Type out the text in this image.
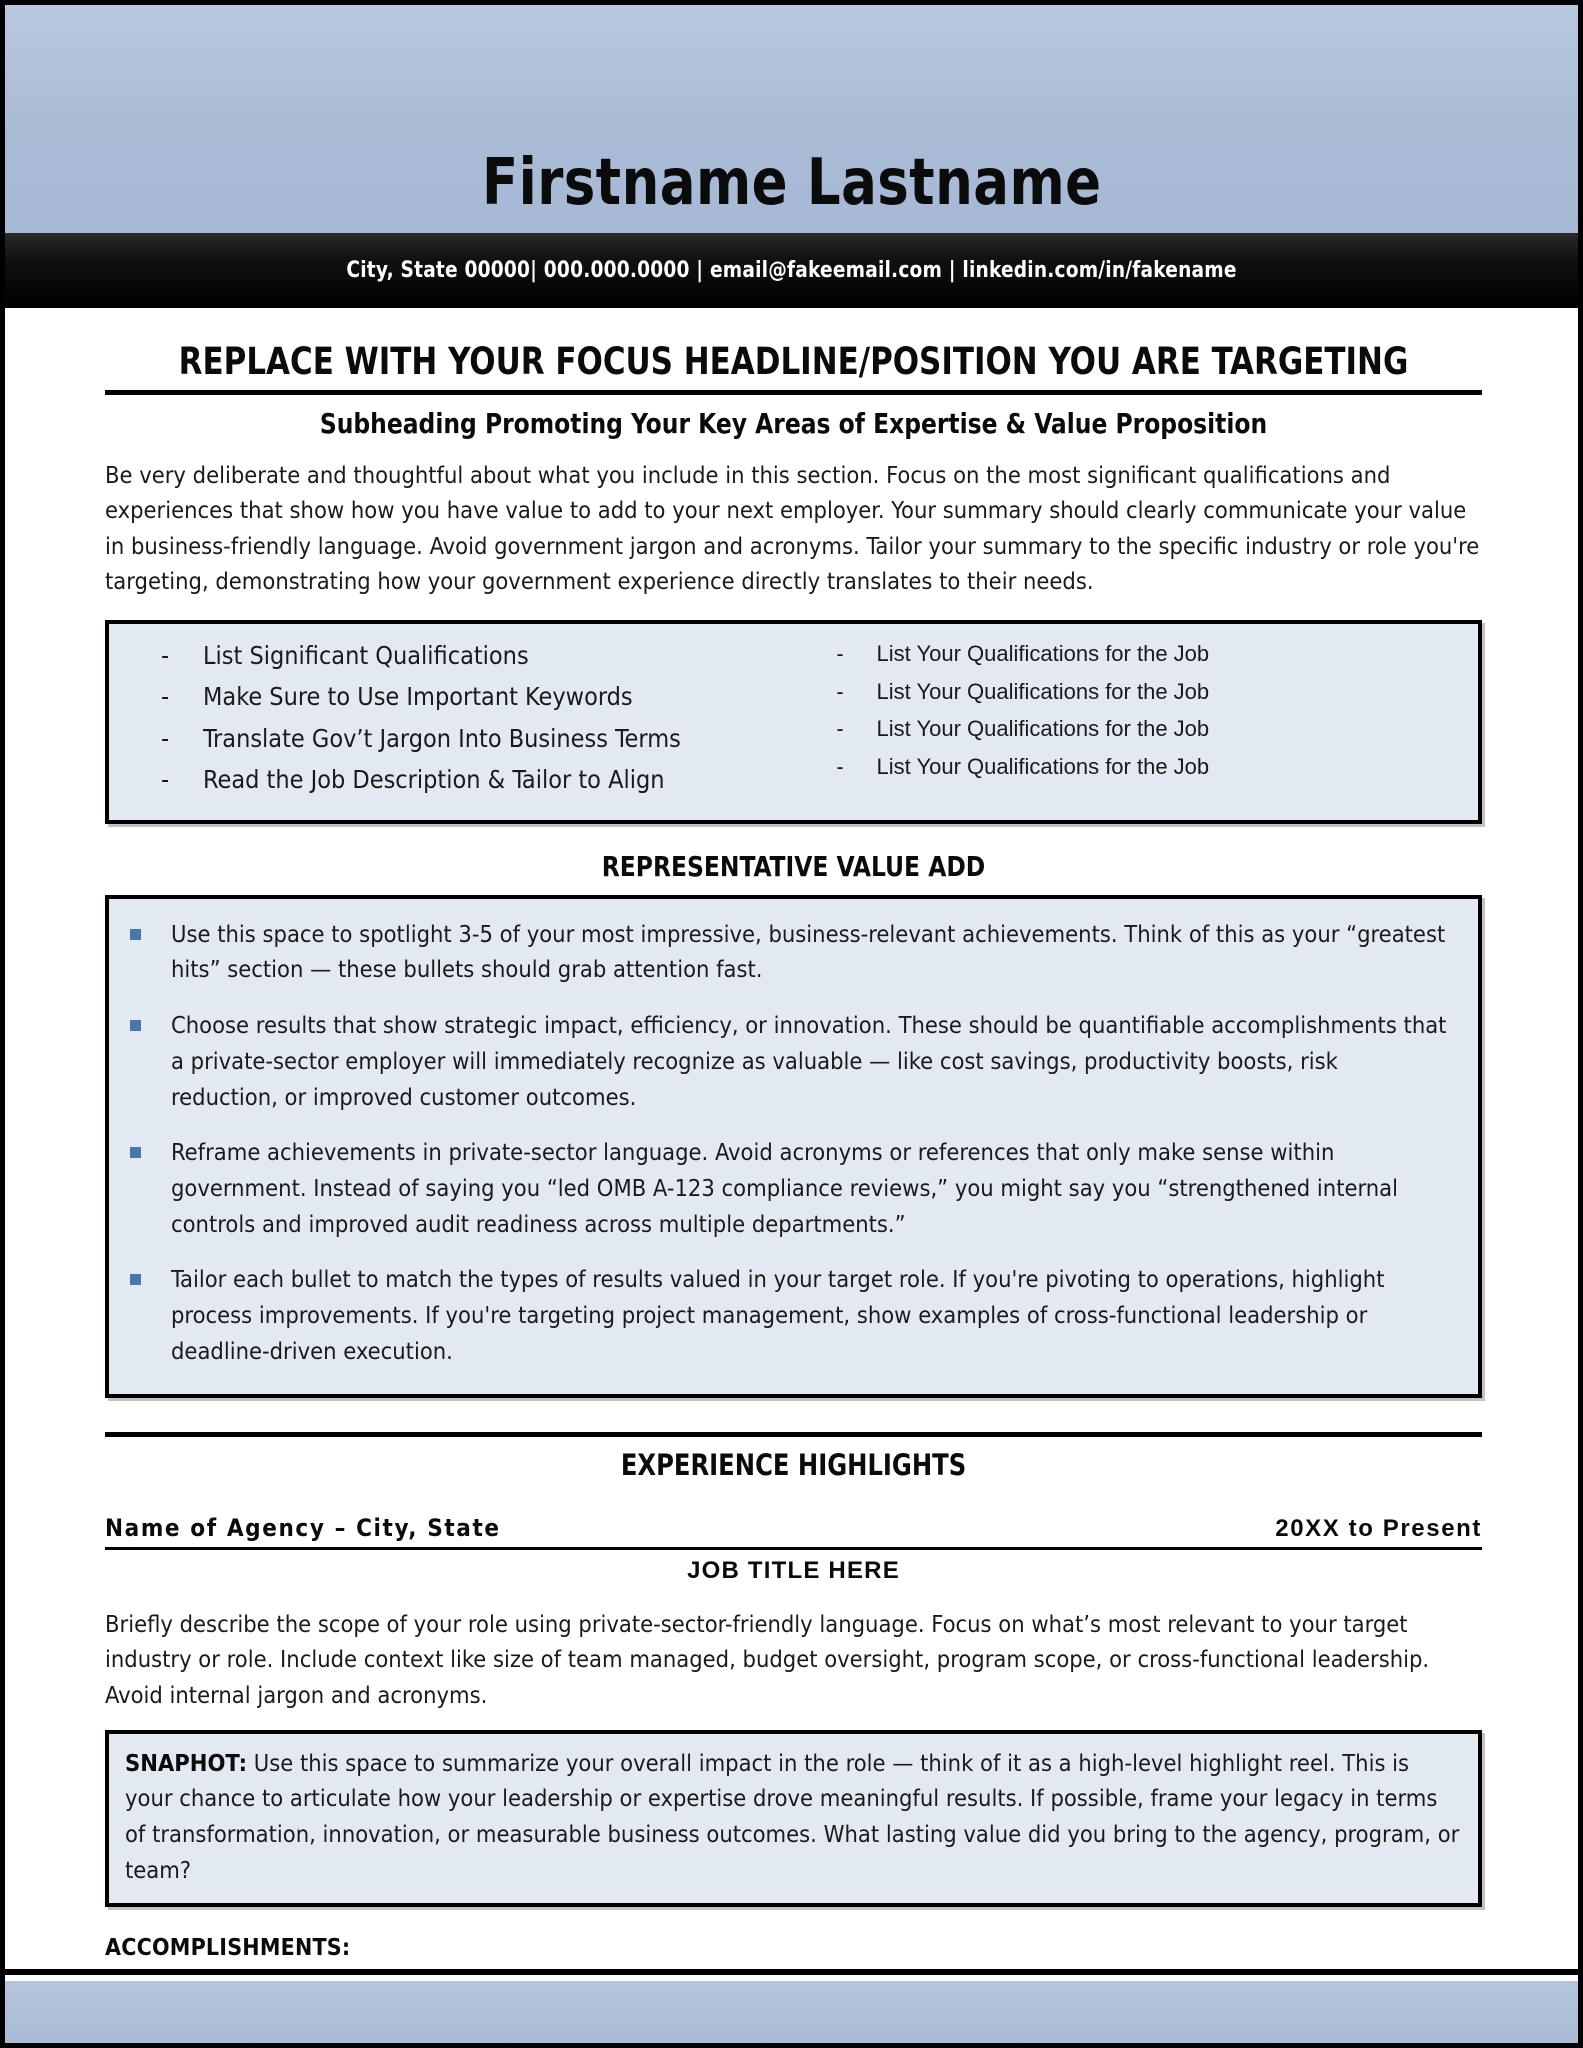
Firstname Lastname
City, State 00000| 000.000.0000 | email@fakeemail.com | linkedin.com/in/fakename
REPLACE WITH YOUR FOCUS HEADLINE/POSITION YOU ARE TARGETING
Subheading Promoting Your Key Areas of Expertise & Value Proposition
Be very deliberate and thoughtful about what you include in this section. Focus on the most significant qualifications and experiences that show how you have value to add to your next employer. Your summary should clearly communicate your value in business-friendly language. Avoid government jargon and acronyms. Tailor your summary to the specific industry or role you're targeting, demonstrating how your government experience directly translates to their needs.
-	List Significant Qualifications
-	Make Sure to Use Important Keywords
-	Translate Gov’t Jargon Into Business Terms
-	Read the Job Description & Tailor to Align
-	List Your Qualifications for the Job
-	List Your Qualifications for the Job
-	List Your Qualifications for the Job
-	List Your Qualifications for the Job
REPRESENTATIVE VALUE ADD
Use this space to spotlight 3-5 of your most impressive, business-relevant achievements. Think of this as your “greatest hits” section — these bullets should grab attention fast.
Choose results that show strategic impact, efficiency, or innovation. These should be quantifiable accomplishments that a private-sector employer will immediately recognize as valuable — like cost savings, productivity boosts, risk reduction, or improved customer outcomes.
Reframe achievements in private-sector language. Avoid acronyms or references that only make sense within government. Instead of saying you “led OMB A-123 compliance reviews,” you might say you “strengthened internal controls and improved audit readiness across multiple departments.”
Tailor each bullet to match the types of results valued in your target role. If you're pivoting to operations, highlight process improvements. If you're targeting project management, show examples of cross-functional leadership or deadline-driven execution.
EXPERIENCE HIGHLIGHTS
Name of Agency – City, State	20XX to Present
JOB TITLE HERE
Briefly describe the scope of your role using private-sector-friendly language. Focus on what’s most relevant to your target industry or role. Include context like size of team managed, budget oversight, program scope, or cross-functional leadership. Avoid internal jargon and acronyms.
SNAPHOT: Use this space to summarize your overall impact in the role — think of it as a high-level highlight reel. This is your chance to articulate how your leadership or expertise drove meaningful results. If possible, frame your legacy in terms of transformation, innovation, or measurable business outcomes. What lasting value did you bring to the agency, program, or team?
ACCOMPLISHMENTS:
